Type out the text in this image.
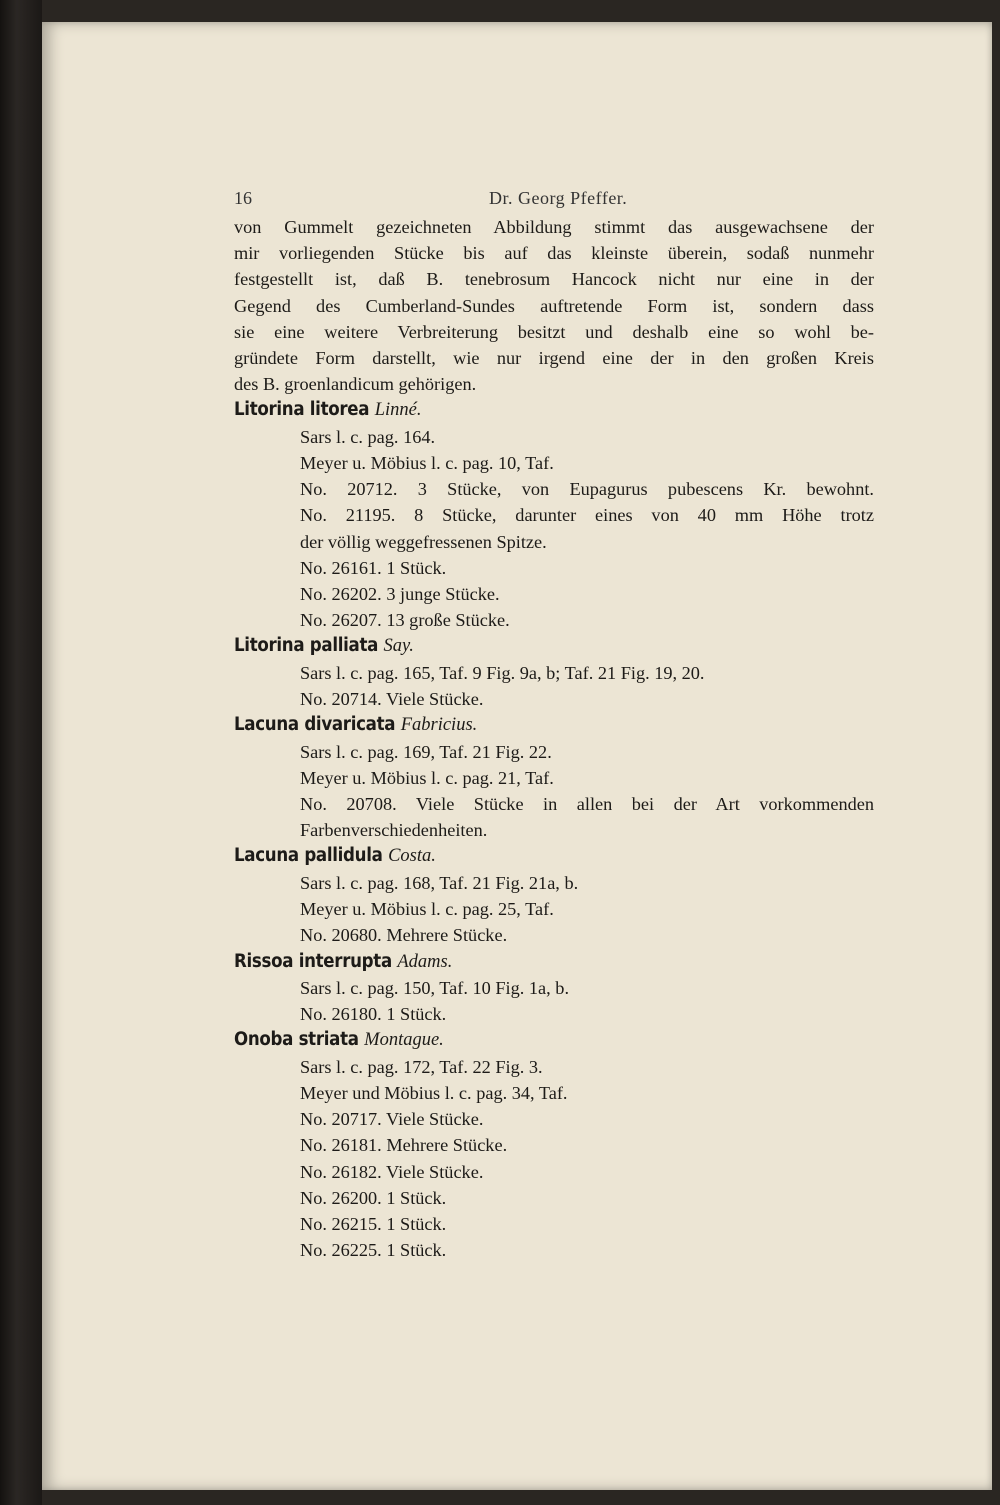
16	Dr. Georg Pfeffer.

von Gummelt gezeichneten Abbildung stimmt das ausgewachsene der

mir vorliegenden Stücke bis auf das kleinste überein, sodaß nunmehr

festgestellt ist, daß B. tenebrosum Hancock nicht nur eine in der

Gegend des Cumberland-Sundes auftretende Form ist, sondern dass

sie eine weitere Verbreiterung besitzt und deshalb eine so wohl be-

gründete Form darstellt, wie nur irgend eine der in den großen Kreis

des B. groenlandicum gehörigen.

Litorina litorea Linné.

Sars l. c. pag. 164.

Meyer u. Möbius l. c. pag. 10, Taf.

No. 20712. 3 Stücke, von Eupagurus pubescens Kr. bewohnt.

No. 21195. 8 Stücke, darunter eines von 40 mm Höhe trotz

der völlig weggefressenen Spitze.

No. 26161. 1 Stück.

No. 26202. 3 junge Stücke.

No. 26207. 13 große Stücke.

Litorina palliata Say.

Sars l. c. pag. 165, Taf. 9 Fig. 9a, b; Taf. 21 Fig. 19, 20.

No. 20714. Viele Stücke.

Lacuna divaricata Fabricius.

Sars l. c. pag. 169, Taf. 21 Fig. 22.

Meyer u. Möbius l. c. pag. 21, Taf.

No. 20708. Viele Stücke in allen bei der Art vorkommenden

Farbenverschiedenheiten.

Lacuna pallidula Costa.

Sars l. c. pag. 168, Taf. 21 Fig. 21a, b.

Meyer u. Möbius l. c. pag. 25, Taf.

No. 20680. Mehrere Stücke.

Rissoa interrupta Adams.

Sars l. c. pag. 150, Taf. 10 Fig. 1a, b.

No. 26180. 1 Stück.

Onoba striata Montague.

Sars l. c. pag. 172, Taf. 22 Fig. 3.

Meyer und Möbius l. c. pag. 34, Taf.

No. 20717. Viele Stücke.

No. 26181. Mehrere Stücke.

No. 26182. Viele Stücke.

No. 26200. 1 Stück.

No. 26215. 1 Stück.

No. 26225. 1 Stück.
